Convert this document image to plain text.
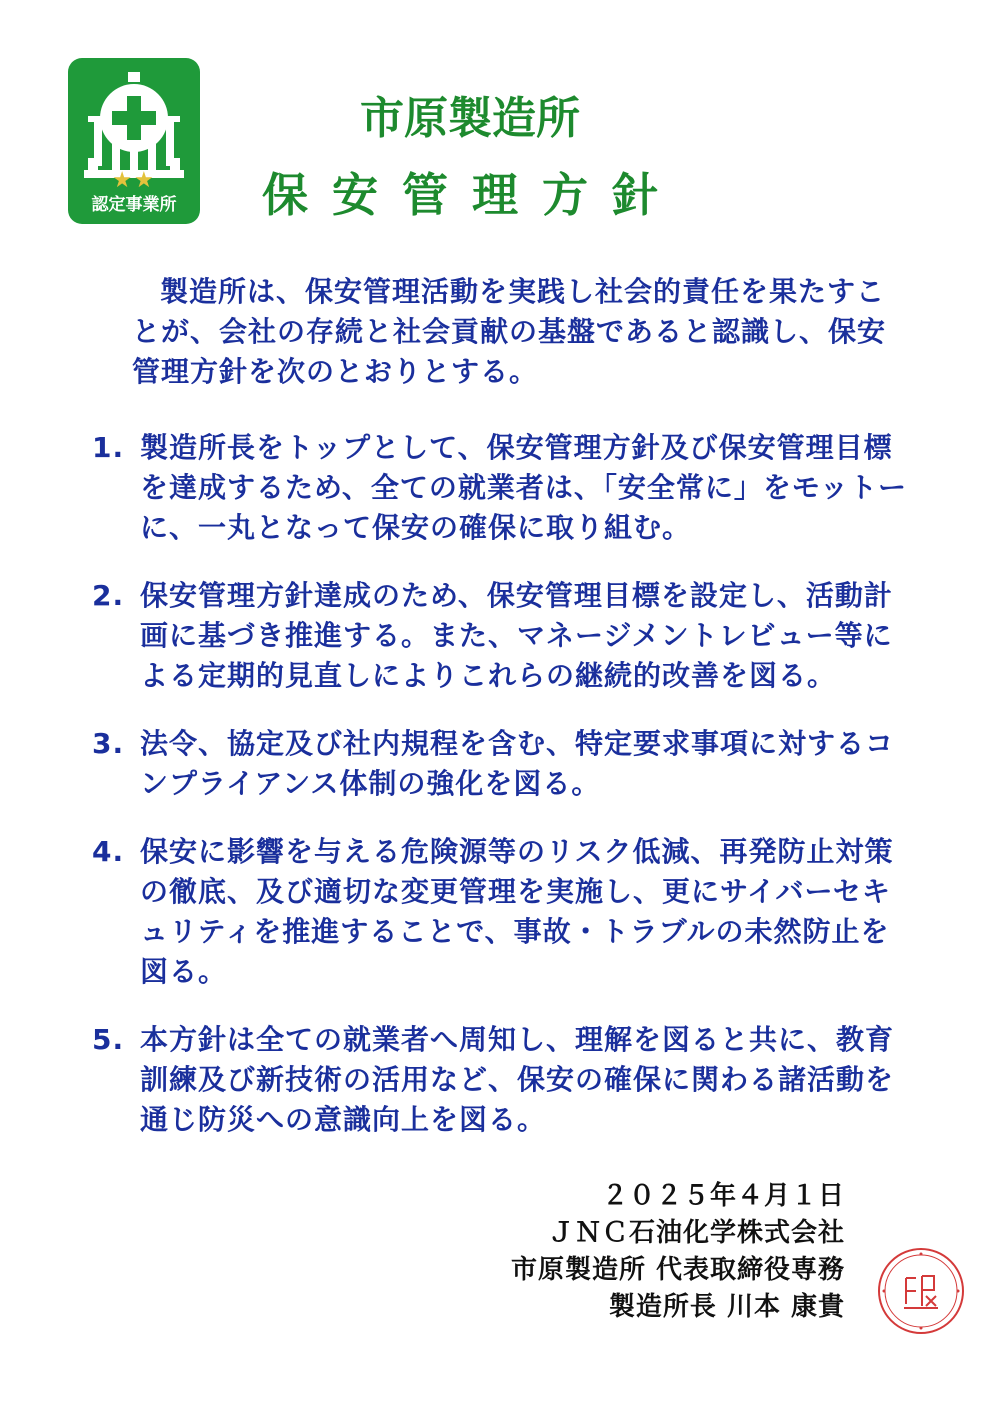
★★
認定事業所
市原製造所
保安管理方針
製造所は、保安管理活動を実践し社会的責任を果たすことが、会社の存続と社会貢献の基盤であると認識し、保安管理方針を次のとおりとする。
1. 製造所長をトップとして、保安管理方針及び保安管理目標を達成するため、全ての就業者は、「安全常に」をモットーに、一丸となって保安の確保に取り組む。
2. 保安管理方針達成のため、保安管理目標を設定し、活動計画に基づき推進する。また、マネージメントレビュー等による定期的見直しによりこれらの継続的改善を図る。
3. 法令、協定及び社内規程を含む、特定要求事項に対するコンプライアンス体制の強化を図る。
4. 保安に影響を与える危険源等のリスク低減、再発防止対策の徹底、及び適切な変更管理を実施し、更にサイバーセキュリティを推進することで、事故・トラブルの未然防止を図る。
5. 本方針は全ての就業者へ周知し、理解を図ると共に、教育訓練及び新技術の活用など、保安の確保に関わる諸活動を通じ防災への意識向上を図る。
２０２５年４月１日
ＪＮＣ石油化学株式会社
市原製造所 代表取締役専務
製造所長 川本 康貴
